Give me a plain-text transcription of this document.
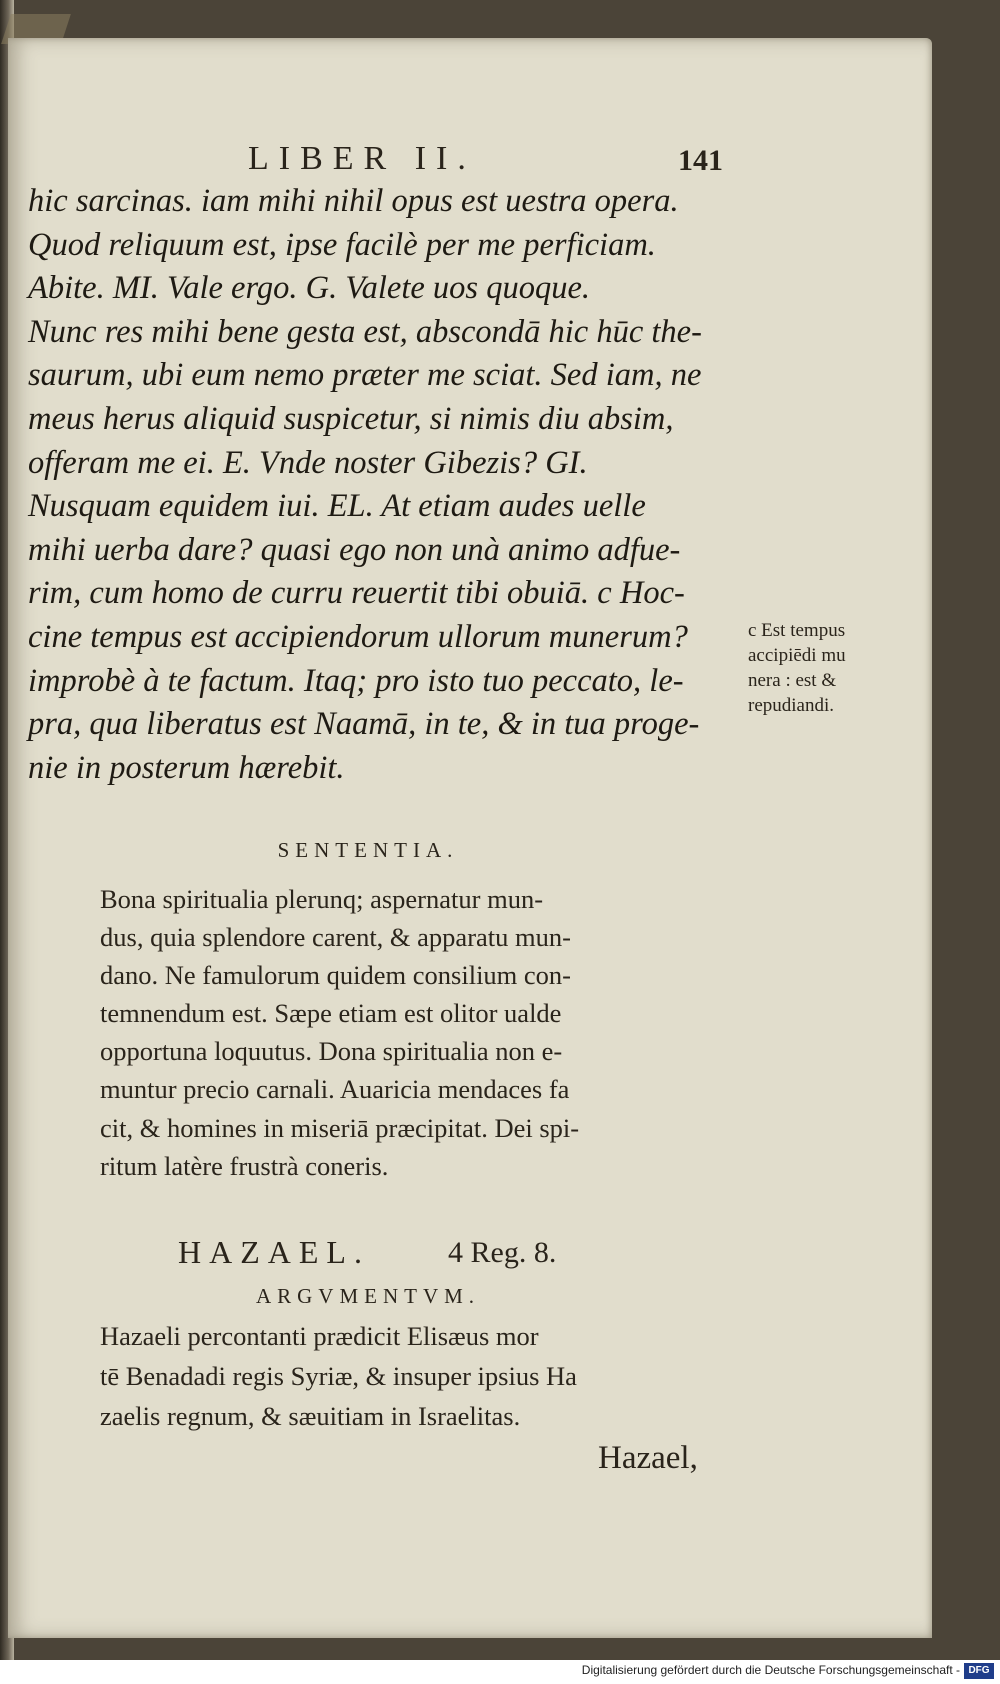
LIBER II.	141
hic sarcinas. iam mihi nihil opus est uestra opera.
Quod reliquum est, ipse facilè per me perficiam.
Abite. MI. Vale ergo. G. Valete uos quoque.
Nunc res mihi bene gesta est, abscondā hic hūc the-
saurum, ubi eum nemo præter me sciat. Sed iam, ne
meus herus aliquid suspicetur, si nimis diu absim,
offeram me ei. E. Vnde noster Gibezis? GI.
Nusquam equidem iui. EL. At etiam audes uelle
mihi uerba dare? quasi ego non unà animo adfue-
rim, cum homo de curru reuertit tibi obuiā. c Hoc-
cine tempus est accipiendorum ullorum munerum?
improbè à te factum. Itaq; pro isto tuo peccato, le-
pra, qua liberatus est Naamā, in te, & in tua proge-
nie in posterum hærebit.
c Est tempus
accipiēdi mu
nera : est &
repudiandi.
SENTENTIA.
Bona spiritualia plerunq; aspernatur mun-
dus, quia splendore carent, & apparatu mun-
dano. Ne famulorum quidem consilium con-
temnendum est. Sæpe etiam est olitor ualde
opportuna loquutus. Dona spiritualia non e-
muntur precio carnali. Auaricia mendaces fa
cit, & homines in miseriā præcipitat. Dei spi-
ritum latère frustrà coneris.
HAZAEL.	4 Reg. 8.
ARGVMENTVM.
Hazaeli percontanti prædicit Elisæus mor
tē Benadadi regis Syriæ, & insuper ipsius Ha
zaelis regnum, & sæuitiam in Israelitas.
Hazael,
Digitalisierung gefördert durch die Deutsche Forschungsgemeinschaft - DFG
